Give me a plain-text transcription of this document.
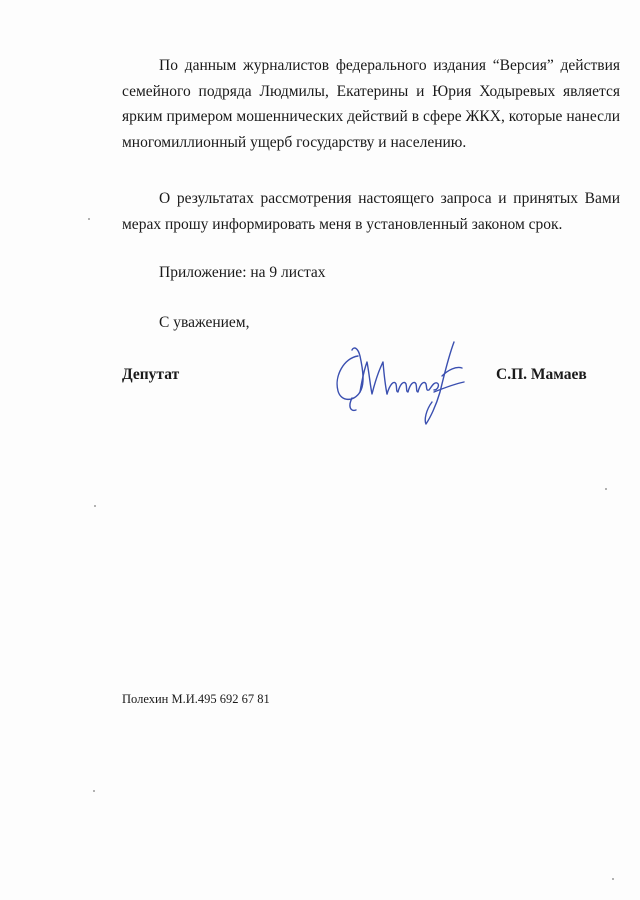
По данным журналистов федерального издания “Версия” действия семейного подряда Людмилы, Екатерины и Юрия Ходыревых является ярким примером мошеннических действий в сфере ЖКХ, которые нанесли многомиллионный ущерб государству и населению.
О результатах рассмотрения настоящего запроса и принятых Вами мерах прошу информировать меня в установленный законом срок.
Приложение: на 9 листах
С уважением,
Депутат	С.П. Мамаев
Полехин М.И.495 692 67 81
